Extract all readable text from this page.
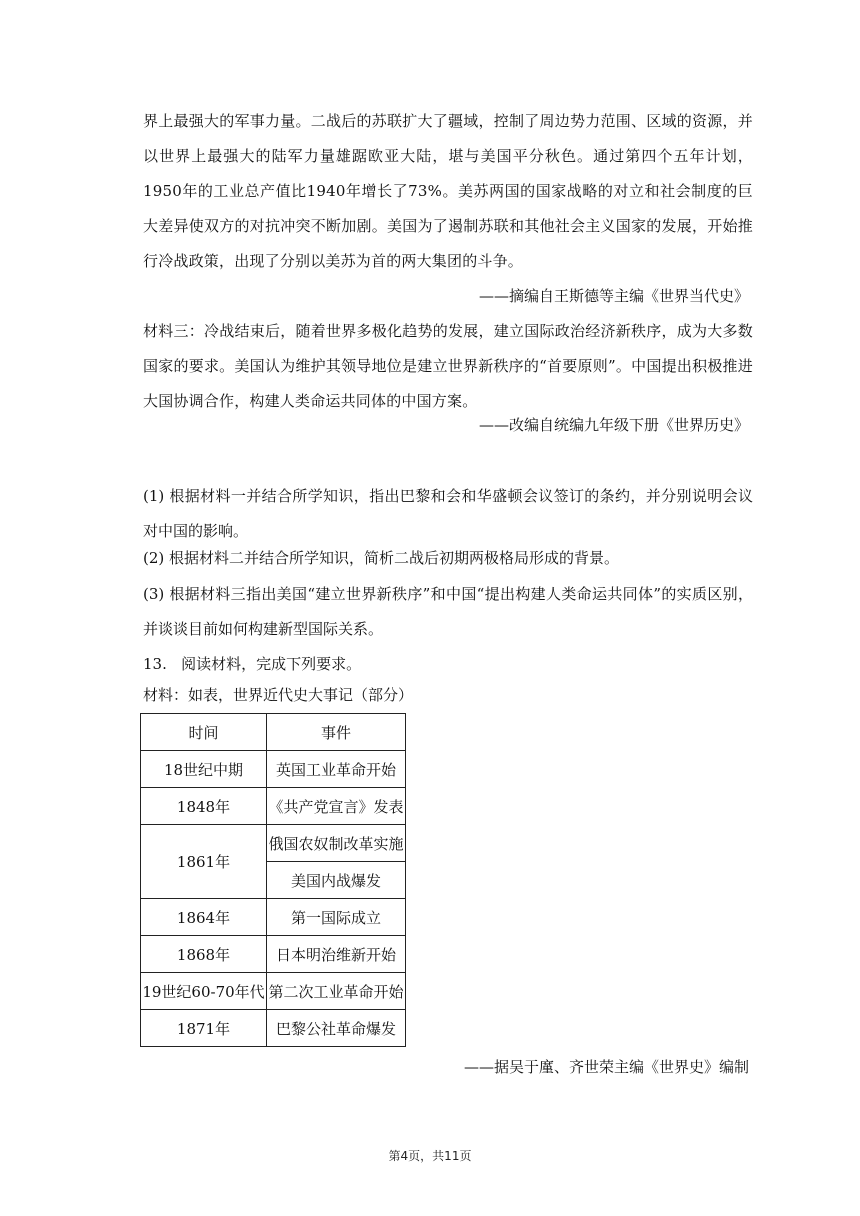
界上最强大的军事力量。二战后的苏联扩大了疆域，控制了周边势力范围、区域的资源，并以世界上最强大的陆军力量雄踞欧亚大陆，堪与美国平分秋色。通过第四个五年计划，1950年的工业总产值比1940年增长了73%。美苏两国的国家战略的对立和社会制度的巨大差异使双方的对抗冲突不断加剧。美国为了遏制苏联和其他社会主义国家的发展，开始推行冷战政策，出现了分别以美苏为首的两大集团的斗争。

——摘编自王斯德等主编《世界当代史》

材料三：冷战结束后，随着世界多极化趋势的发展，建立国际政治经济新秩序，成为大多数国家的要求。美国认为维护其领导地位是建立世界新秩序的“首要原则”。中国提出积极推进大国协调合作，构建人类命运共同体的中国方案。

——改编自统编九年级下册《世界历史》

(1) 根据材料一并结合所学知识，指出巴黎和会和华盛顿会议签订的条约，并分别说明会议对中国的影响。

(2) 根据材料二并结合所学知识，简析二战后初期两极格局形成的背景。

(3) 根据材料三指出美国“建立世界新秩序”和中国“提出构建人类命运共同体”的实质区别，并谈谈目前如何构建新型国际关系。

13. 阅读材料，完成下列要求。

材料：如表，世界近代史大事记（部分）

时间	事件
18世纪中期	英国工业革命开始
1848年	《共产党宣言》发表
1861年	俄国农奴制改革实施
	美国内战爆发
1864年	第一国际成立
1868年	日本明治维新开始
19世纪60-70年代	第二次工业革命开始
1871年	巴黎公社革命爆发

——据吴于廑、齐世荣主编《世界史》编制

第4页，共11页
